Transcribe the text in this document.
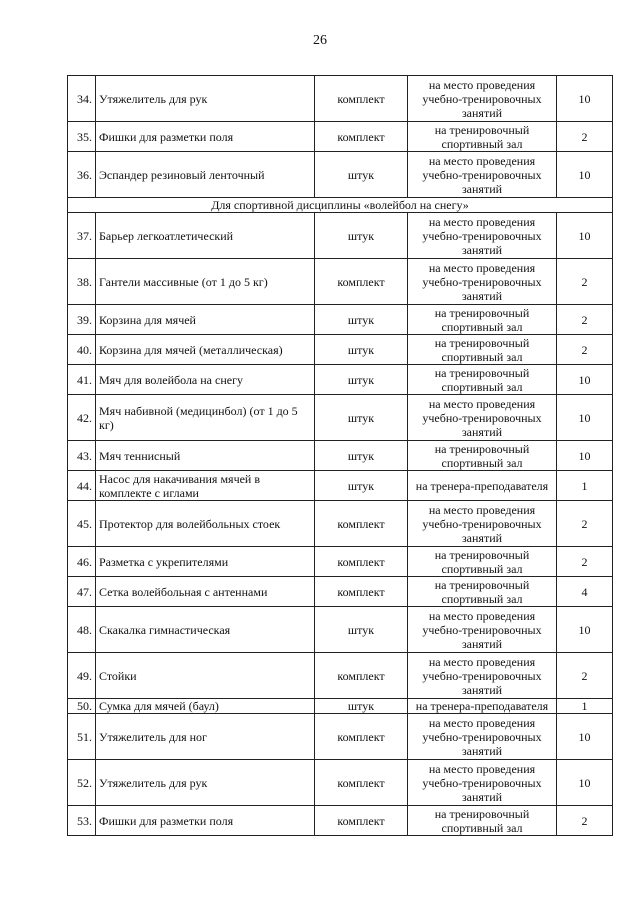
26
34.	Утяжелитель для рук	комплект	на место проведения учебно-тренировочных занятий	10
35.	Фишки для разметки поля	комплект	на тренировочный спортивный зал	2
36.	Эспандер резиновый ленточный	штук	на место проведения учебно-тренировочных занятий	10
Для спортивной дисциплины «волейбол на снегу»				
37.	Барьер легкоатлетический	штук	на место проведения учебно-тренировочных занятий	10
38.	Гантели массивные (от 1 до 5 кг)	комплект	на место проведения учебно-тренировочных занятий	2
39.	Корзина для мячей	штук	на тренировочный спортивный зал	2
40.	Корзина для мячей (металлическая)	штук	на тренировочный спортивный зал	2
41.	Мяч для волейбола на снегу	штук	на тренировочный спортивный зал	10
42.	Мяч набивной (медицинбол) (от 1 до 5 кг)	штук	на место проведения учебно-тренировочных занятий	10
43.	Мяч теннисный	штук	на тренировочный спортивный зал	10
44.	Насос для накачивания мячей в комплекте с иглами	штук	на тренера-преподавателя	1
45.	Протектор для волейбольных стоек	комплект	на место проведения учебно-тренировочных занятий	2
46.	Разметка с укрепителями	комплект	на тренировочный спортивный зал	2
47.	Сетка волейбольная с антеннами	комплект	на тренировочный спортивный зал	4
48.	Скакалка гимнастическая	штук	на место проведения учебно-тренировочных занятий	10
49.	Стойки	комплект	на место проведения учебно-тренировочных занятий	2
50.	Сумка для мячей (баул)	штук	на тренера-преподавателя	1
51.	Утяжелитель для ног	комплект	на место проведения учебно-тренировочных занятий	10
52.	Утяжелитель для рук	комплект	на место проведения учебно-тренировочных занятий	10
53.	Фишки для разметки поля	комплект	на тренировочный спортивный зал	2
